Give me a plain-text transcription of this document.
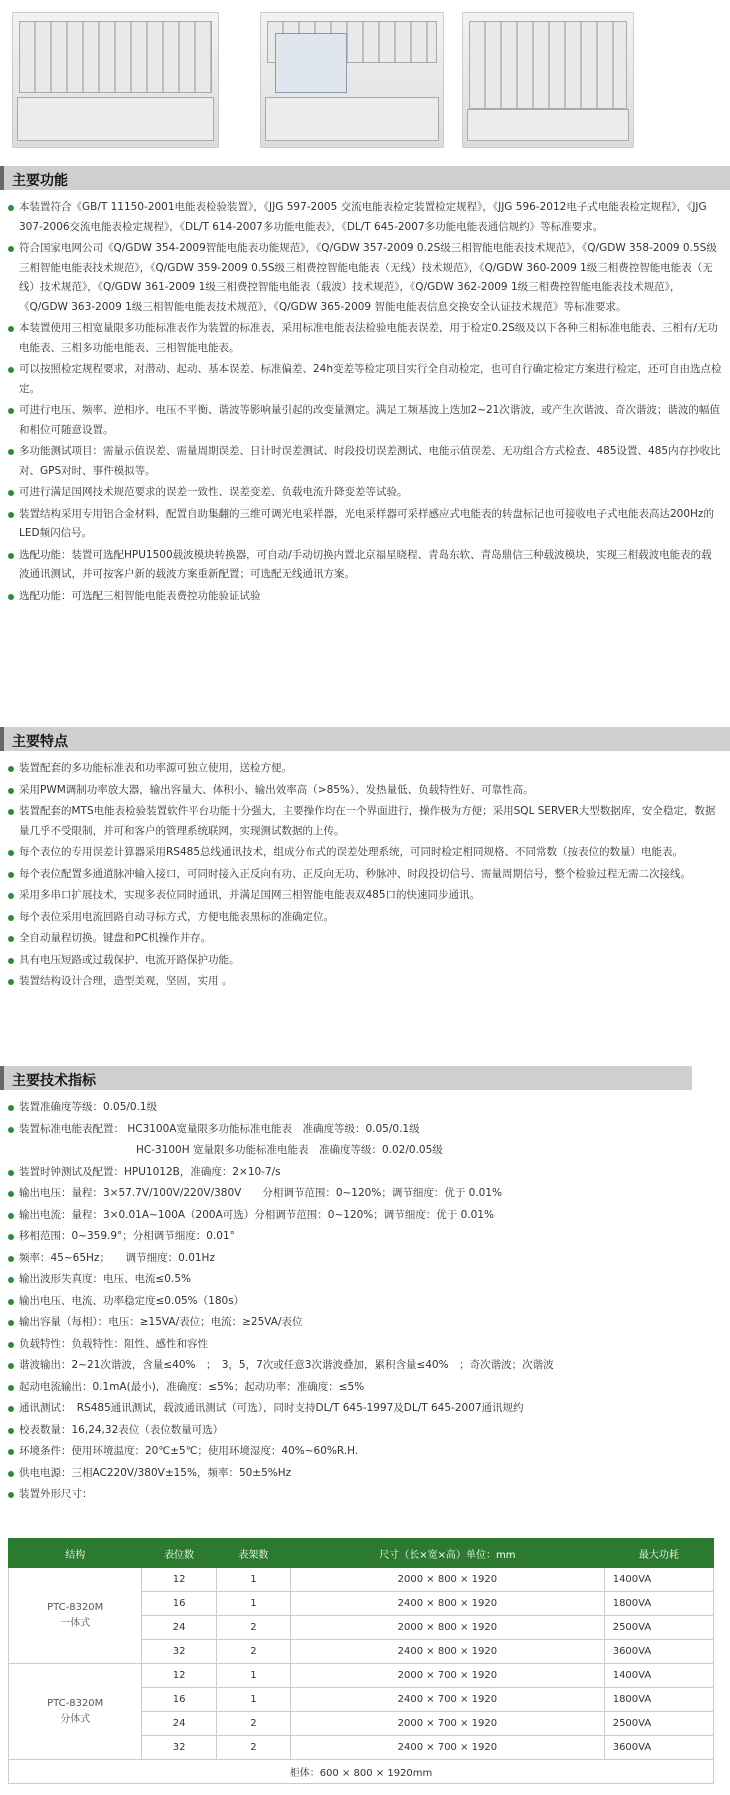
主要功能
本装置符合《GB/T 11150-2001电能表检验装置》，《JJG 597-2005 交流电能表检定装置检定规程》，《JJG 596-2012电子式电能表检定规程》，《JJG 307-2006交流电能表检定规程》，《DL/T 614-2007多功能电能表》，《DL/T 645-2007多功能电能表通信规约》等标准要求。
符合国家电网公司《Q/GDW 354-2009智能电能表功能规范》，《Q/GDW 357-2009 0.2S级三相智能电能表技术规范》，《Q/GDW 358-2009 0.5S级三相智能电能表技术规范》，《Q/GDW 359-2009 0.5S级三相费控智能电能表（无线）技术规范》，《Q/GDW 360-2009 1级三相费控智能电能表（无线）技术规范》，《Q/GDW 361-2009 1级三相费控智能电能表（载波）技术规范》，《Q/GDW 362-2009 1级三相费控智能电能表技术规范》，《Q/GDW 363-2009 1级三相智能电能表技术规范》，《Q/GDW 365-2009 智能电能表信息交换安全认证技术规范》等标准要求。
本装置使用三相宽量限多功能标准表作为装置的标准表，采用标准电能表法检验电能表误差，用于检定0.2S级及以下各种三相标准电能表、三相有/无功电能表、三相多功能电能表、三相智能电能表。
可以按照检定规程要求，对潜动、起动、基本误差、标准偏差、24h变差等检定项目实行全自动检定，也可自行确定检定方案进行检定，还可自由选点检定。
可进行电压、频率、逆相序、电压不平衡、谐波等影响量引起的改变量测定。满足工频基波上迭加2~21次谐波，或产生次谐波、奇次谐波；谐波的幅值和相位可随意设置。
多功能测试项目：需量示值误差、需量周期误差、日计时误差测试、时段投切误差测试、电能示值误差、无功组合方式检查、485设置、485内存抄收比对、GPS对时、事件模拟等。
可进行满足国网技术规范要求的误差一致性、误差变差、负载电流升降变差等试验。
装置结构采用专用铝合金材料，配置自助集翻的三维可调光电采样器，光电采样器可采样感应式电能表的转盘标记也可接收电子式电能表高达200Hz的LED频闪信号。
选配功能：装置可选配HPU1500载波模块转换器，可自动/手动切换内置北京福星晓程、青岛东软、青岛鼎信三种载波模块，实现三相载波电能表的载波通讯测试，并可按客户新的载波方案重新配置；可选配无线通讯方案。
选配功能：可选配三相智能电能表费控功能验证试验
主要特点
装置配套的多功能标准表和功率源可独立使用，送检方便。
采用PWM调制功率放大器，输出容量大、体积小、输出效率高（>85%）、发热量低、负载特性好、可靠性高。
装置配套的MTS电能表检验装置软件平台功能十分强大，主要操作均在一个界面进行，操作极为方便；采用SQL SERVER大型数据库，安全稳定，数据量几乎不受限制，并可和客户的管理系统联网，实现测试数据的上传。
每个表位的专用误差计算器采用RS485总线通讯技术，组成分布式的误差处理系统，可同时检定相同规格、不同常数（按表位的数量）电能表。
每个表位配置多通道脉冲输入接口，可同时接入正反向有功、正反向无功、秒脉冲、时段投切信号、需量周期信号，整个检验过程无需二次接线。
采用多串口扩展技术，实现多表位同时通讯，并满足国网三相智能电能表双485口的快速同步通讯。
每个表位采用电流回路自动寻标方式，方便电能表黑标的准确定位。
全自动量程切换。键盘和PC机操作并存。
具有电压短路或过载保护、电流开路保护功能。
装置结构设计合理，造型美观，坚固，实用 。
主要技术指标
装置准确度等级：0.05/0.1级
装置标准电能表配置： HC3100A宽量限多功能标准电能表　准确度等级：0.05/0.1级
HC-3100H 宽量限多功能标准电能表　准确度等级：0.02/0.05级
装置时钟测试及配置：HPU1012B，准确度：2×10-7/s
输出电压：量程：3×57.7V/100V/220V/380V　　分相调节范围：0~120%；调节细度：优于 0.01%
输出电流：量程：3×0.01A~100A（200A可选）分相调节范围：0~120%；调节细度：优于 0.01%
移相范围：0~359.9°；分相调节细度：0.01°
频率：45~65Hz；　　调节细度：0.01Hz
输出波形失真度：电压、电流≤0.5%
输出电压、电流、功率稳定度≤0.05%（180s）
输出容量（每相）：电压：≥15VA/表位；电流：≥25VA/表位
负载特性：负载特性：阻性、感性和容性
谐波输出：2~21次谐波，含量≤40%　；　3，5，7次或任意3次谐波叠加，累积含量≤40%　；奇次谐波；次谐波
起动电流输出：0.1mA(最小)，准确度：≤5%；起动功率：准确度：≤5%
通讯测试：　RS485通讯测试，载波通讯测试（可选），同时支持DL/T 645-1997及DL/T 645-2007通讯规约
校表数量：16,24,32表位（表位数量可选）
环境条件：使用环境温度：20℃±5℃；使用环境湿度：40%~60%R.H.
供电电源：三相AC220V/380V±15%，频率：50±5%Hz
装置外形尺寸：
结构	表位数	表架数	尺寸（长×宽×高）单位：mm	最大功耗
PTC-8320M
一体式	12	1	2000 × 800 × 1920	1400VA
	16	1	2400 × 800 × 1920	1800VA
	24	2	2000 × 800 × 1920	2500VA
	32	2	2400 × 800 × 1920	3600VA
PTC-8320M
分体式	12	1	2000 × 700 × 1920	1400VA
	16	1	2400 × 700 × 1920	1800VA
	24	2	2000 × 700 × 1920	2500VA
	32	2	2400 × 700 × 1920	3600VA
柜体：600 × 800 × 1920mm				
